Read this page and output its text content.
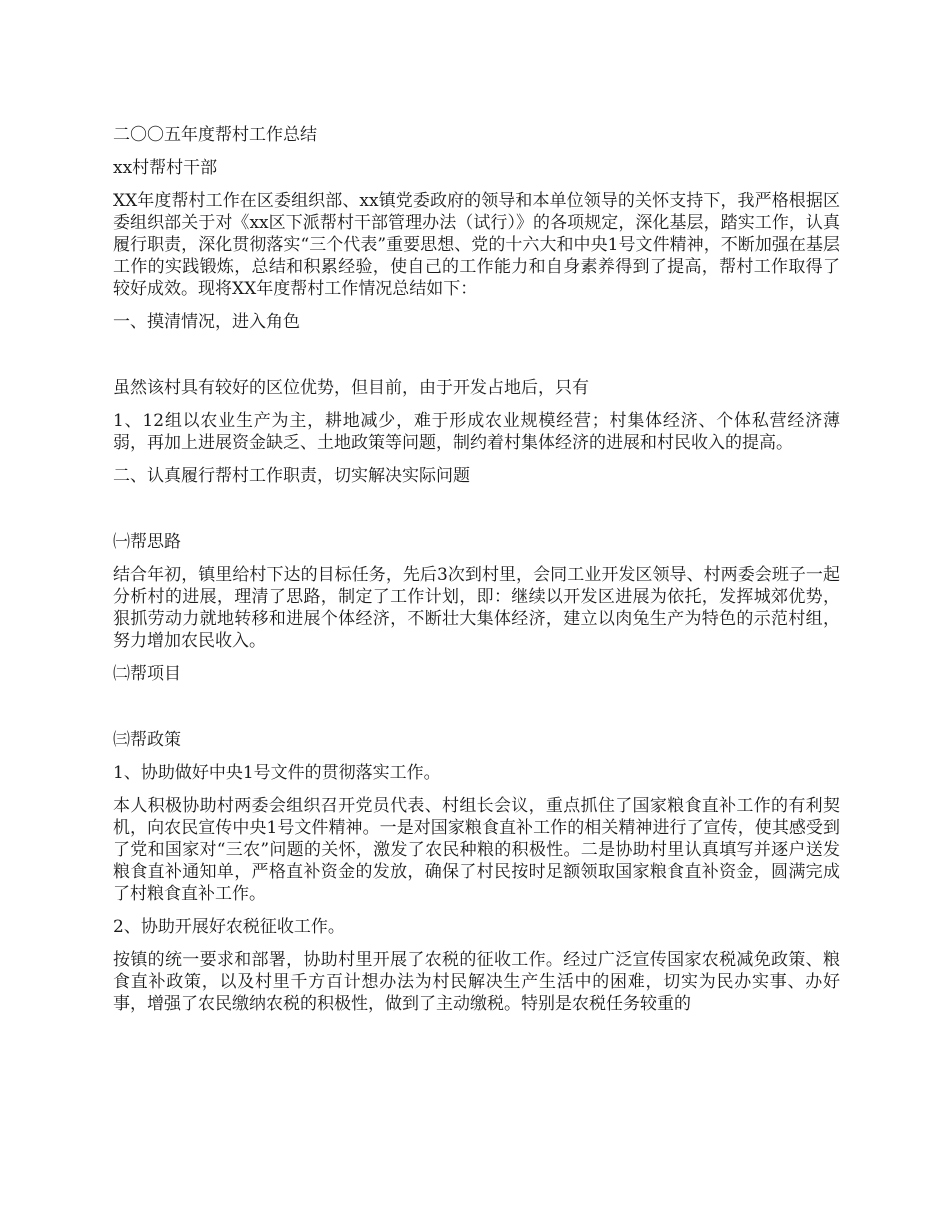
二〇〇五年度帮村工作总结

xx村帮村干部

XX年度帮村工作在区委组织部、xx镇党委政府的领导和本单位领导的关怀支持下，我严格根据区委组织部关于对《xx区下派帮村干部管理办法（试行）》的各项规定，深化基层，踏实工作，认真履行职责，深化贯彻落实“三个代表”重要思想、党的十六大和中央1号文件精神，不断加强在基层工作的实践锻炼，总结和积累经验，使自己的工作能力和自身素养得到了提高，帮村工作取得了较好成效。现将XX年度帮村工作情况总结如下：

一、摸清情况，进入角色

虽然该村具有较好的区位优势，但目前，由于开发占地后，只有

1、12组以农业生产为主，耕地减少，难于形成农业规模经营；村集体经济、个体私营经济薄弱，再加上进展资金缺乏、土地政策等问题，制约着村集体经济的进展和村民收入的提高。

二、认真履行帮村工作职责，切实解决实际问题

㈠帮思路

结合年初，镇里给村下达的目标任务，先后3次到村里，会同工业开发区领导、村两委会班子一起分析村的进展，理清了思路，制定了工作计划，即：继续以开发区进展为依托，发挥城郊优势，狠抓劳动力就地转移和进展个体经济，不断壮大集体经济，建立以肉兔生产为特色的示范村组，努力增加农民收入。

㈡帮项目

㈢帮政策

1、协助做好中央1号文件的贯彻落实工作。

本人积极协助村两委会组织召开党员代表、村组长会议，重点抓住了国家粮食直补工作的有利契机，向农民宣传中央1号文件精神。一是对国家粮食直补工作的相关精神进行了宣传，使其感受到了党和国家对“三农”问题的关怀，激发了农民种粮的积极性。二是协助村里认真填写并逐户送发粮食直补通知单，严格直补资金的发放，确保了村民按时足额领取国家粮食直补资金，圆满完成了村粮食直补工作。

2、协助开展好农税征收工作。

按镇的统一要求和部署，协助村里开展了农税的征收工作。经过广泛宣传国家农税减免政策、粮食直补政策，以及村里千方百计想办法为村民解决生产生活中的困难，切实为民办实事、办好事，增强了农民缴纳农税的积极性，做到了主动缴税。特别是农税任务较重的
